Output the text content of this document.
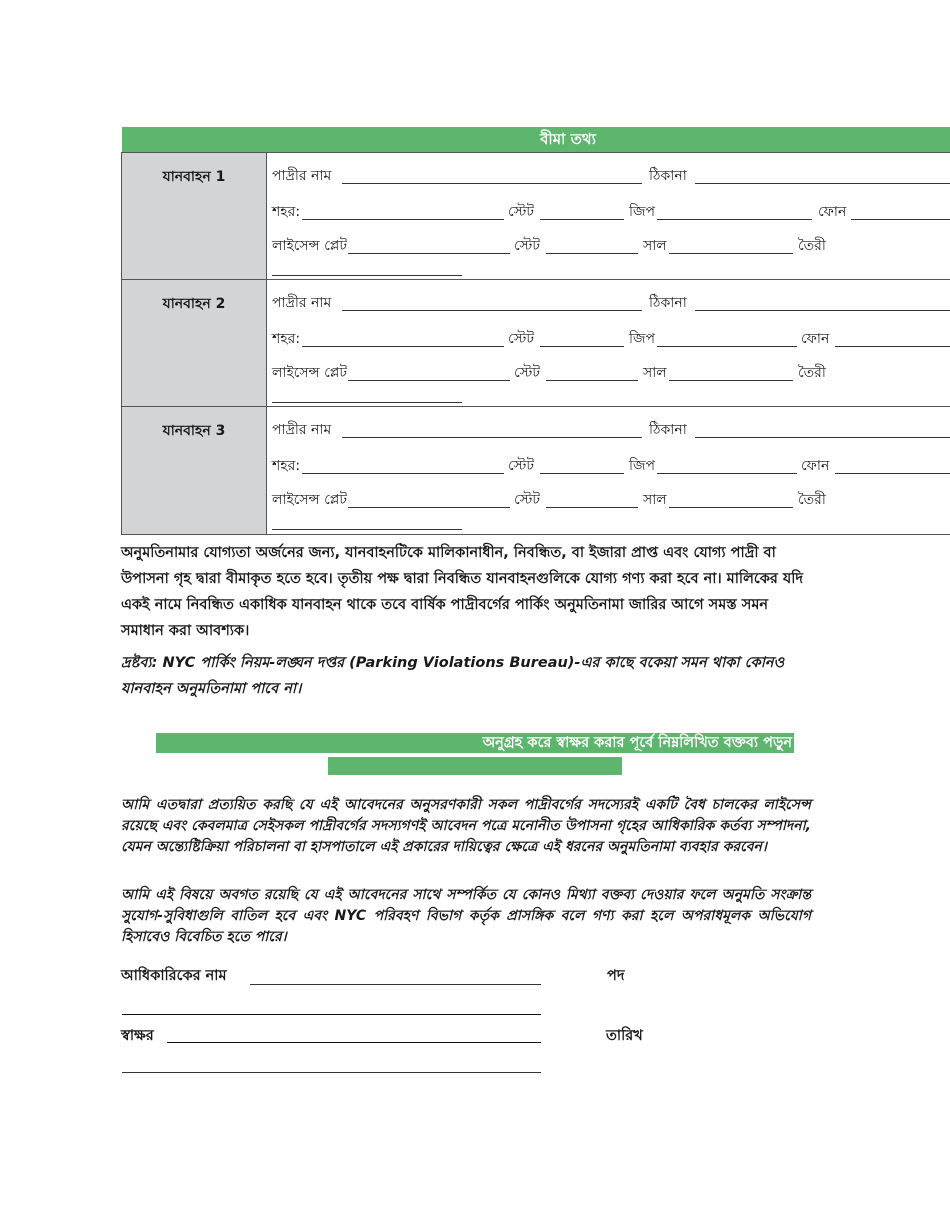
বীমা তথ্য
যানবাহন 1	পাদ্রীর নাম	ঠিকানা
শহর:	স্টেট	জিপ	ফোন
লাইসেন্স প্লেট	স্টেট	সাল	তৈরী
যানবাহন 2	পাদ্রীর নাম	ঠিকানা
শহর:	স্টেট	জিপ	ফোন
লাইসেন্স প্লেট	স্টেট	সাল	তৈরী
যানবাহন 3	পাদ্রীর নাম	ঠিকানা
শহর:	স্টেট	জিপ	ফোন
লাইসেন্স প্লেট	স্টেট	সাল	তৈরী
অনুমতিনামার যোগ্যতা অর্জনের জন্য, যানবাহনটিকে মালিকানাধীন, নিবন্ধিত, বা ইজারা প্রাপ্ত এবং যোগ্য পাদ্রী বা উপাসনা গৃহ দ্বারা বীমাকৃত হতে হবে। তৃতীয় পক্ষ দ্বারা নিবন্ধিত যানবাহনগুলিকে যোগ্য গণ্য করা হবে না। মালিকের যদি একই নামে নিবন্ধিত একাধিক যানবাহন থাকে তবে বার্ষিক পাদ্রীবর্গের পার্কিং অনুমতিনামা জারির আগে সমস্ত সমন সমাধান করা আবশ্যক।
দ্রষ্টব্য: NYC পার্কিং নিয়ম-লঙ্ঘন দপ্তর (Parking Violations Bureau)-এর কাছে বকেয়া সমন থাকা কোনও যানবাহন অনুমতিনামা পাবে না।
অনুগ্রহ করে স্বাক্ষর করার পূর্বে নিম্নলিখিত বক্তব্য পড়ুন
আমি এতদ্বারা প্রত্যয়িত করছি যে এই আবেদনের অনুসরণকারী সকল পাদ্রীবর্গের সদস্যেরই একটি বৈধ চালকের লাইসেন্স রয়েছে এবং কেবলমাত্র সেইসকল পাদ্রীবর্গের সদস্যগণই আবেদন পত্রে মনোনীত উপাসনা গৃহের আধিকারিক কর্তব্য সম্পাদনা, যেমন অন্ত্যেষ্টিক্রিয়া পরিচালনা বা হাসপাতালে এই প্রকারের দায়িত্বের ক্ষেত্রে এই ধরনের অনুমতিনামা ব্যবহার করবেন।
আমি এই বিষয়ে অবগত রয়েছি যে এই আবেদনের সাথে সম্পর্কিত যে কোনও মিথ্যা বক্তব্য দেওয়ার ফলে অনুমতি সংক্রান্ত সুযোগ-সুবিধাগুলি বাতিল হবে এবং NYC পরিবহণ বিভাগ কর্তৃক প্রাসঙ্গিক বলে গণ্য করা হলে অপরাধমূলক অভিযোগ হিসাবেও বিবেচিত হতে পারে।
আধিকারিকের নাম	পদ
স্বাক্ষর	তারিখ
